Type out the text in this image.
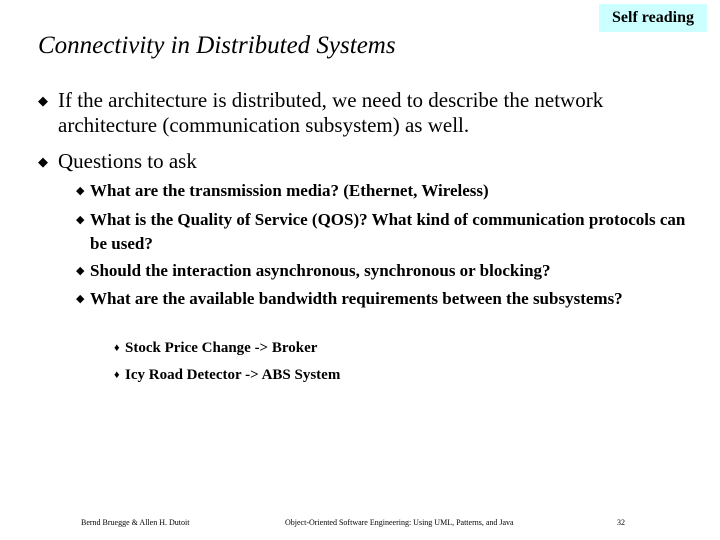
Self reading
Connectivity in Distributed Systems
◆ If the architecture is distributed, we need to describe the network architecture (communication subsystem) as well.
◆ Questions to ask
◆ What are the transmission media? (Ethernet, Wireless)
◆ What is the Quality of Service (QOS)? What kind of communication protocols can be used?
◆ Should the interaction asynchronous, synchronous or blocking?
◆ What are the available bandwidth requirements between the subsystems?
♦ Stock Price Change -> Broker
♦ Icy Road Detector -> ABS System
Bernd Bruegge & Allen H. Dutoit	Object-Oriented Software Engineering: Using UML, Patterns, and Java	32
